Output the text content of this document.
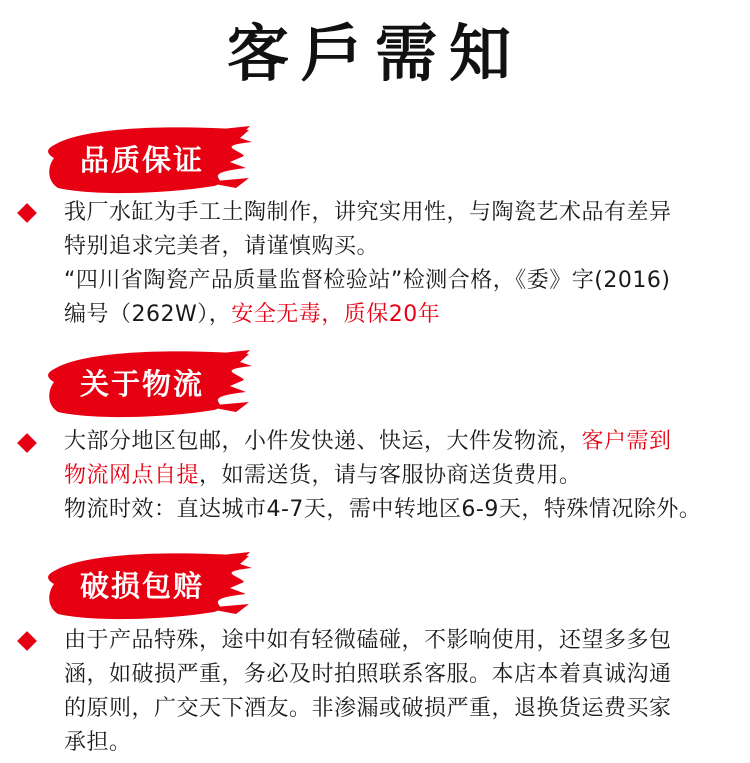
客戶需知
品质保证
我厂水缸为手工土陶制作，讲究实用性，与陶瓷艺术品有差异
特别追求完美者，请谨慎购买。
“四川省陶瓷产品质量监督检验站”检测合格，《委》字(2016)
编号（262W），安全无毒，质保20年
关于物流
大部分地区包邮，小件发快递、快运，大件发物流，客户需到
物流网点自提，如需送货，请与客服协商送货费用。
物流时效：直达城市4-7天，需中转地区6-9天，特殊情况除外。
破损包赔
由于产品特殊，途中如有轻微磕碰，不影响使用，还望多多包
涵，如破损严重，务必及时拍照联系客服。本店本着真诚沟通
的原则，广交天下酒友。非渗漏或破损严重，退换货运费买家
承担。
